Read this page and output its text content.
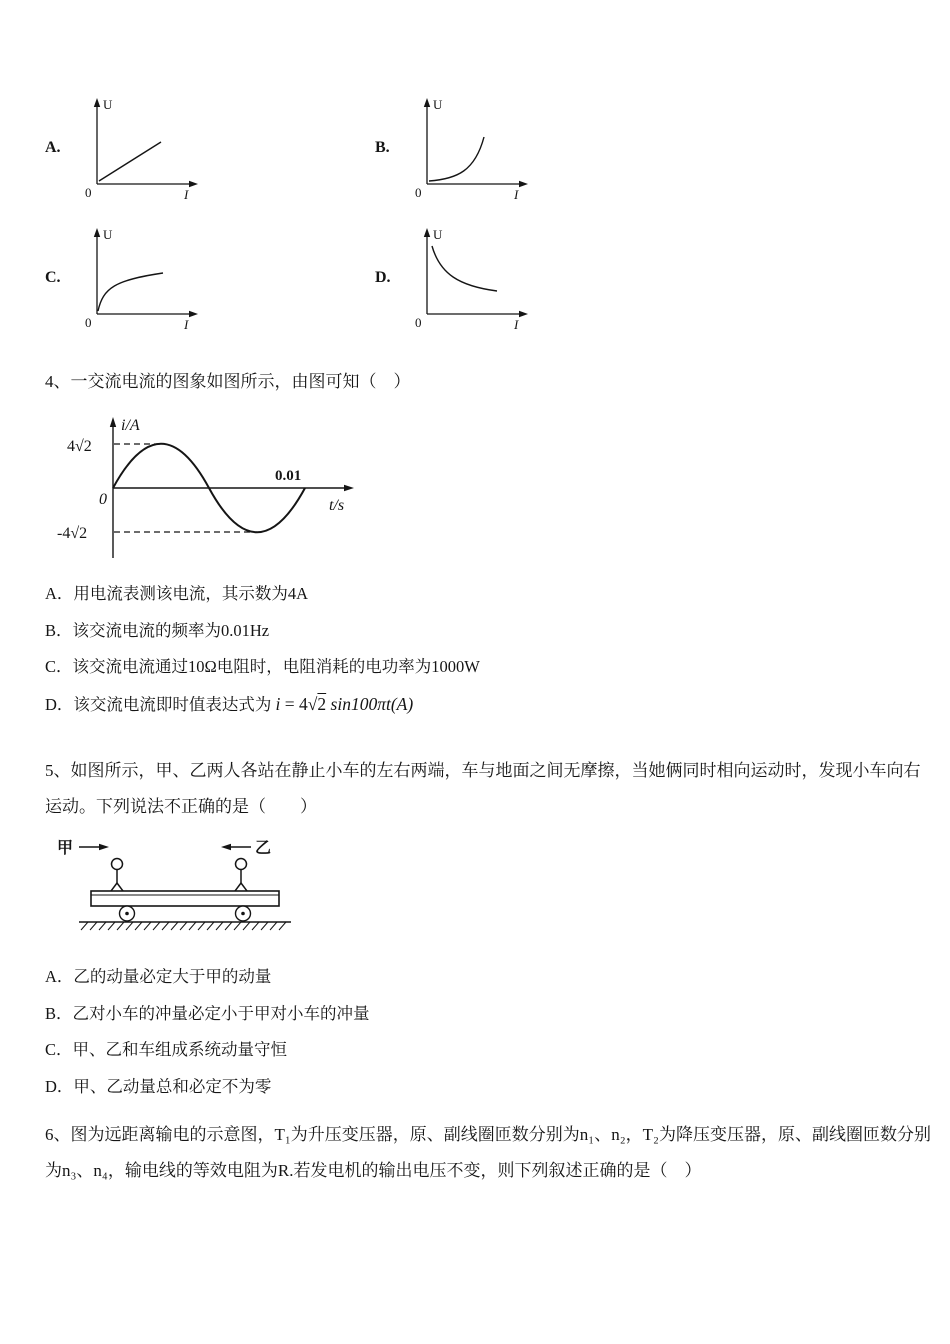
A.
U
I
0
B.
U
I
0
C.
U
I
0
D.
U
I
0
4、一交流电流的图象如图所示，由图可知（　）
i/A
t/s
0
4√2
-4√2
0.01
A．用电流表测该电流，其示数为4A
B．该交流电流的频率为0.01Hz
C．该交流电流通过10Ω电阻时，电阻消耗的电功率为1000W
D．该交流电流即时值表达式为 i = 4√2 sin100πt(A)
5、如图所示，甲、乙两人各站在静止小车的左右两端，车与地面之间无摩擦，当她俩同时相向运动时，发现小车向右
运动。下列说法不正确的是（　　）
甲	乙
A．乙的动量必定大于甲的动量
B．乙对小车的冲量必定小于甲对小车的冲量
C．甲、乙和车组成系统动量守恒
D．甲、乙动量总和必定不为零
6、图为远距离输电的示意图，T₁为升压变压器，原、副线圈匝数分别为n₁、n₂，T₂为降压变压器，原、副线圈匝数分别
为n₃、n₄，输电线的等效电阻为R.若发电机的输出电压不变，则下列叙述正确的是（　）
